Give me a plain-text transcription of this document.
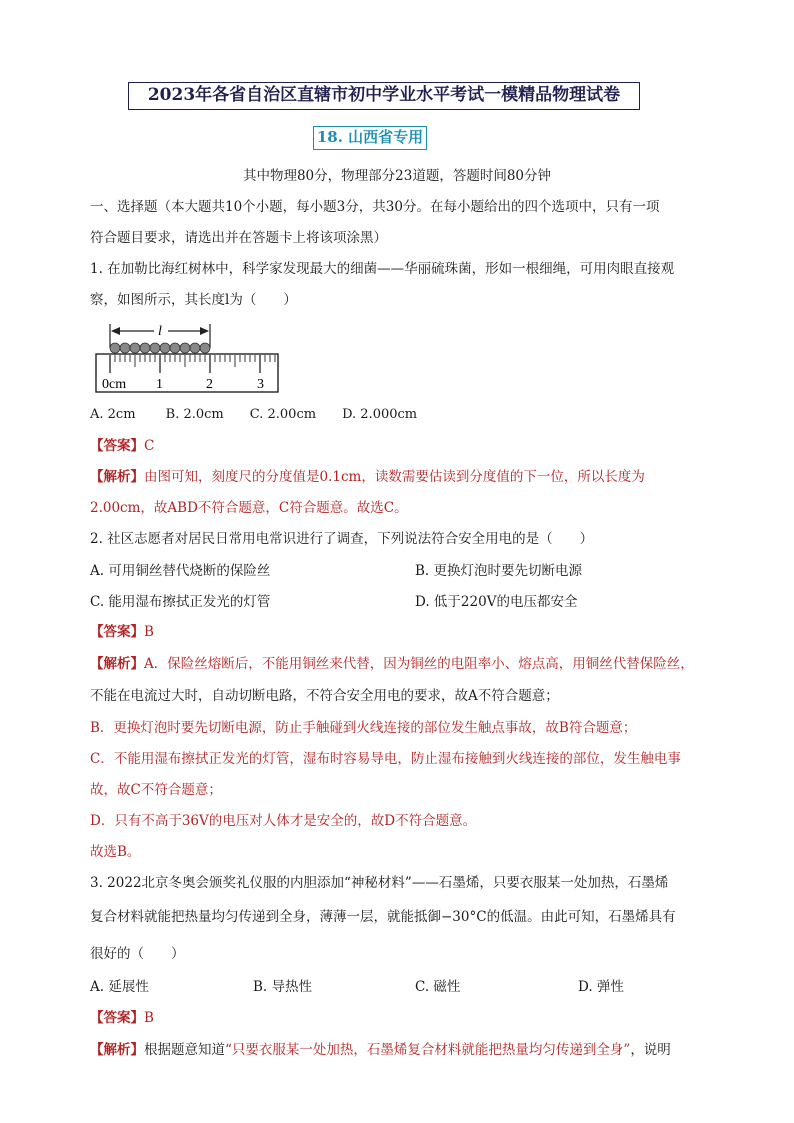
2023年各省自治区直辖市初中学业水平考试一模精品物理试卷
18. 山西省专用
其中物理80分，物理部分23道题，答题时间80分钟
一、选择题（本大题共10个小题，每小题3分，共30分。在每小题给出的四个选项中，只有一项
符合题目要求，请选出并在答题卡上将该项涂黑）
1. 在加勒比海红树林中，科学家发现最大的细菌——华丽硫珠菌，形如一根细绳，可用肉眼直接观
察，如图所示，其长度l为（　　）
l
0cm 1	2	3
A. 2cm　　 B. 2.0cm　　C. 2.00cm　　D. 2.000cm
【答案】C
【解析】由图可知，刻度尺的分度值是0.1cm，读数需要估读到分度值的下一位，所以长度为
2.00cm，故ABD不符合题意，C符合题意。故选C。
2. 社区志愿者对居民日常用电常识进行了调查，下列说法符合安全用电的是（　　）
A. 可用铜丝替代烧断的保险丝	B. 更换灯泡时要先切断电源
C. 能用湿布擦拭正发光的灯管	D. 低于220V的电压都安全
【答案】B
【解析】A．保险丝熔断后，不能用铜丝来代替，因为铜丝的电阻率小、熔点高，用铜丝代替保险丝，
不能在电流过大时，自动切断电路，不符合安全用电的要求，故A不符合题意；
B．更换灯泡时要先切断电源，防止手触碰到火线连接的部位发生触点事故，故B符合题意；
C．不能用湿布擦拭正发光的灯管，湿布时容易导电，防止湿布接触到火线连接的部位，发生触电事
故，故C不符合题意；
D．只有不高于36V的电压对人体才是安全的，故D不符合题意。
故选B。
3. 2022北京冬奥会颁奖礼仪服的内胆添加“神秘材料”——石墨烯，只要衣服某一处加热，石墨烯
复合材料就能把热量均匀传递到全身，薄薄一层，就能抵御−30°C的低温。由此可知，石墨烯具有
很好的（　　）
A. 延展性	B. 导热性	C. 磁性	D. 弹性
【答案】B
【解析】根据题意知道“只要衣服某一处加热，石墨烯复合材料就能把热量均匀传递到全身”，说明
